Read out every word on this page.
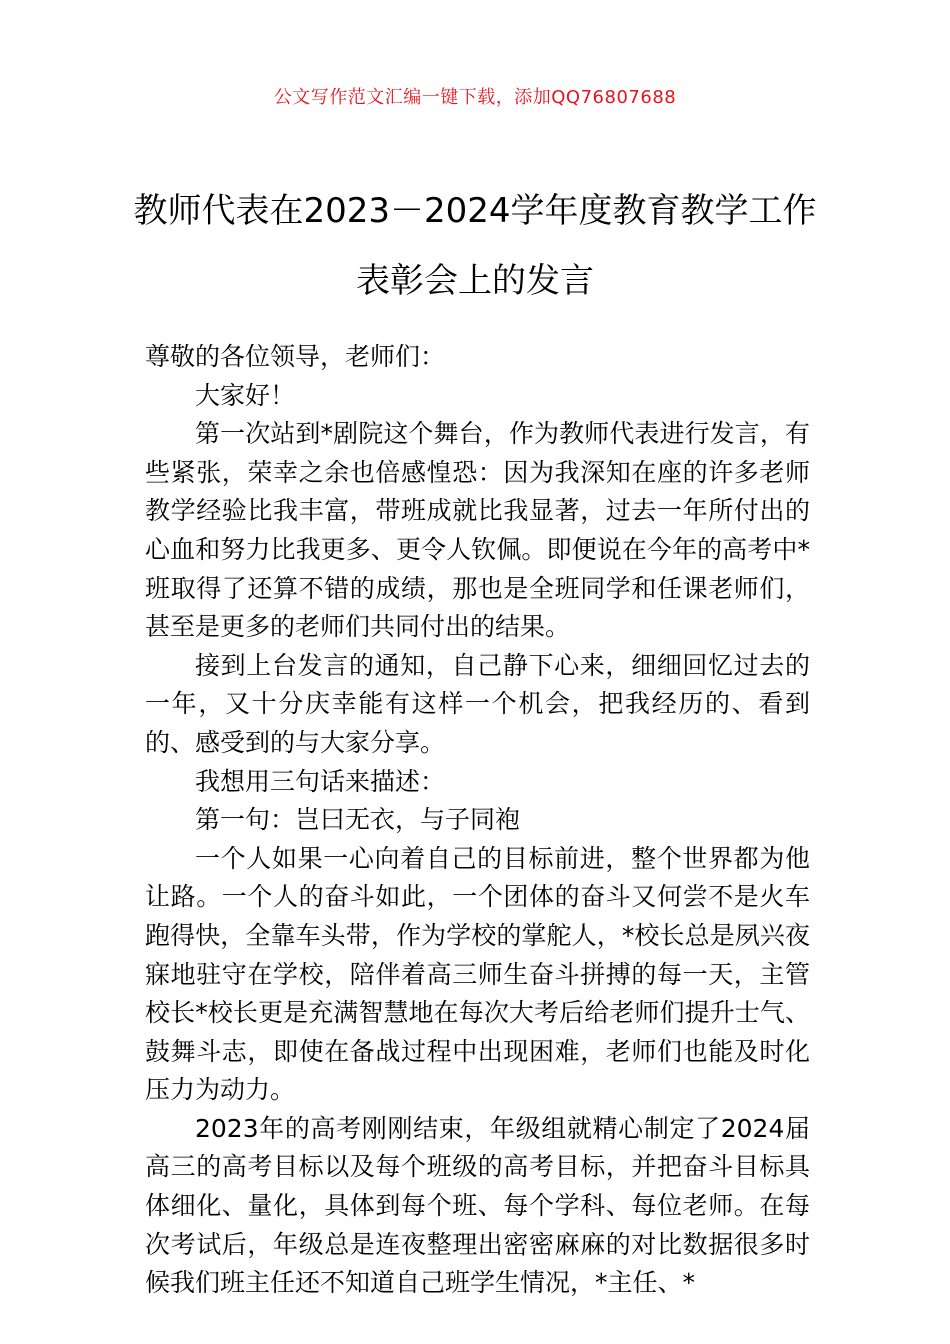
公文写作范文汇编一键下载，添加QQ76807688
教师代表在2023－2024学年度教育教学工作表彰会上的发言

尊敬的各位领导，老师们：

大家好！

第一次站到*剧院这个舞台，作为教师代表进行发言，有些紧张，荣幸之余也倍感惶恐：因为我深知在座的许多老师教学经验比我丰富，带班成就比我显著，过去一年所付出的心血和努力比我更多、更令人钦佩。即便说在今年的高考中*班取得了还算不错的成绩，那也是全班同学和任课老师们，甚至是更多的老师们共同付出的结果。

接到上台发言的通知，自己静下心来，细细回忆过去的一年，又十分庆幸能有这样一个机会，把我经历的、看到的、感受到的与大家分享。

我想用三句话来描述：

第一句：岂曰无衣，与子同袍

一个人如果一心向着自己的目标前进，整个世界都为他让路。一个人的奋斗如此，一个团体的奋斗又何尝不是火车跑得快，全靠车头带，作为学校的掌舵人，*校长总是夙兴夜寐地驻守在学校，陪伴着高三师生奋斗拼搏的每一天，主管校长*校长更是充满智慧地在每次大考后给老师们提升士气、鼓舞斗志，即使在备战过程中出现困难，老师们也能及时化压力为动力。

2023年的高考刚刚结束，年级组就精心制定了2024届高三的高考目标以及每个班级的高考目标，并把奋斗目标具体细化、量化，具体到每个班、每个学科、每位老师。在每次考试后，年级总是连夜整理出密密麻麻的对比数据很多时候我们班主任还不知道自己班学生情况，*主任、*
